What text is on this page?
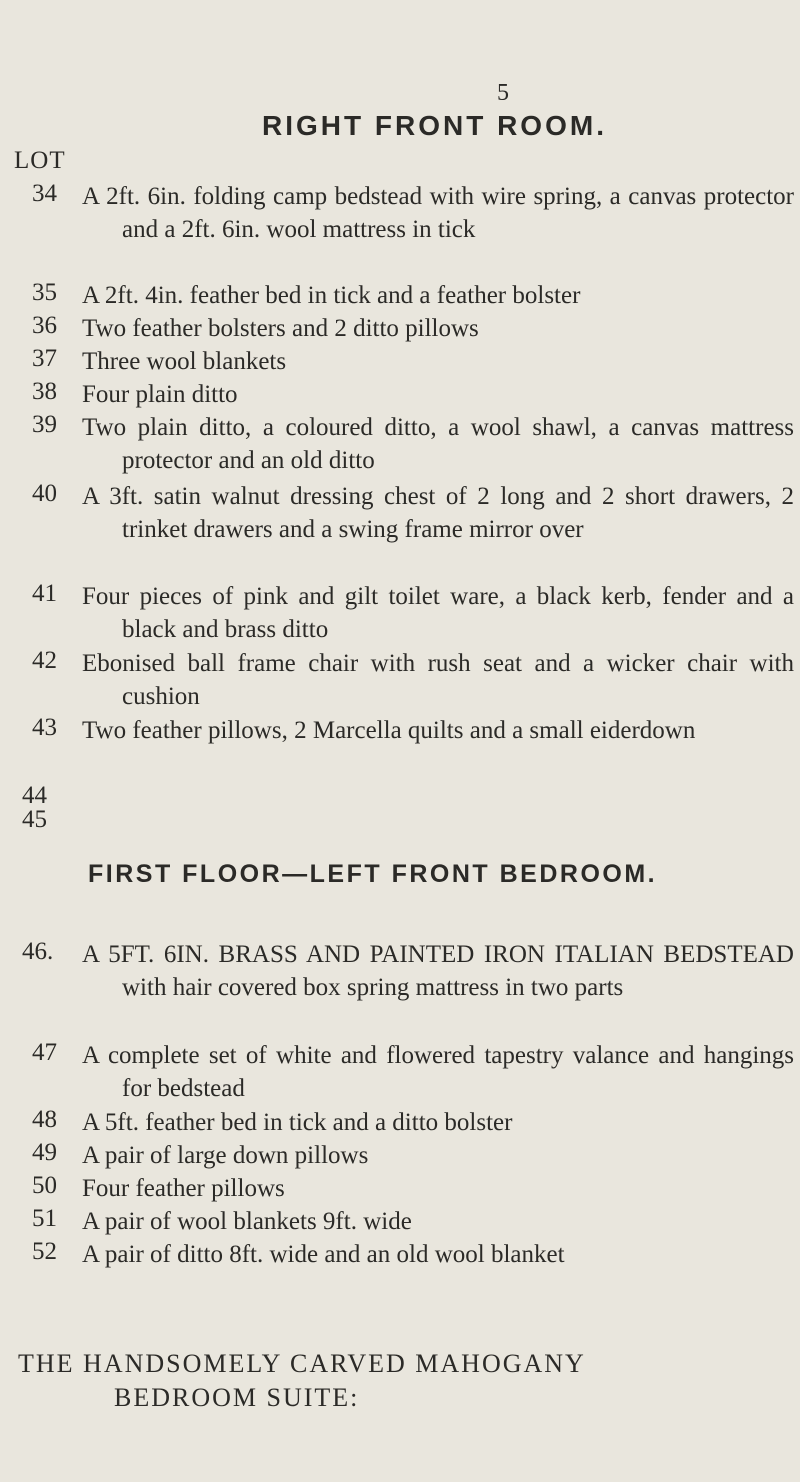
5
RIGHT FRONT ROOM.
LOT
34	A 2ft. 6in. folding camp bedstead with wire spring, a canvas protector and a 2ft. 6in. wool mattress in tick
35	A 2ft. 4in. feather bed in tick and a feather bolster
36	Two feather bolsters and 2 ditto pillows
37	Three wool blankets
38	Four plain ditto
39	Two plain ditto, a coloured ditto, a wool shawl, a canvas mattress protector and an old ditto
40	A 3ft. satin walnut dressing chest of 2 long and 2 short drawers, 2 trinket drawers and a swing frame mirror over
41	Four pieces of pink and gilt toilet ware, a black kerb, fender and a black and brass ditto
42	Ebonised ball frame chair with rush seat and a wicker chair with cushion
43	Two feather pillows, 2 Marcella quilts and a small eiderdown
44
45
FIRST FLOOR—LEFT FRONT BEDROOM.
46.	A 5FT. 6IN. BRASS AND PAINTED IRON ITALIAN BEDSTEAD with hair covered box spring mattress in two parts
47	A complete set of white and flowered tapestry valance and hangings for bedstead
48	A 5ft. feather bed in tick and a ditto bolster
49	A pair of large down pillows
50	Four feather pillows
51	A pair of wool blankets 9ft. wide
52	A pair of ditto 8ft. wide and an old wool blanket
THE HANDSOMELY CARVED MAHOGANY
BEDROOM SUITE:
